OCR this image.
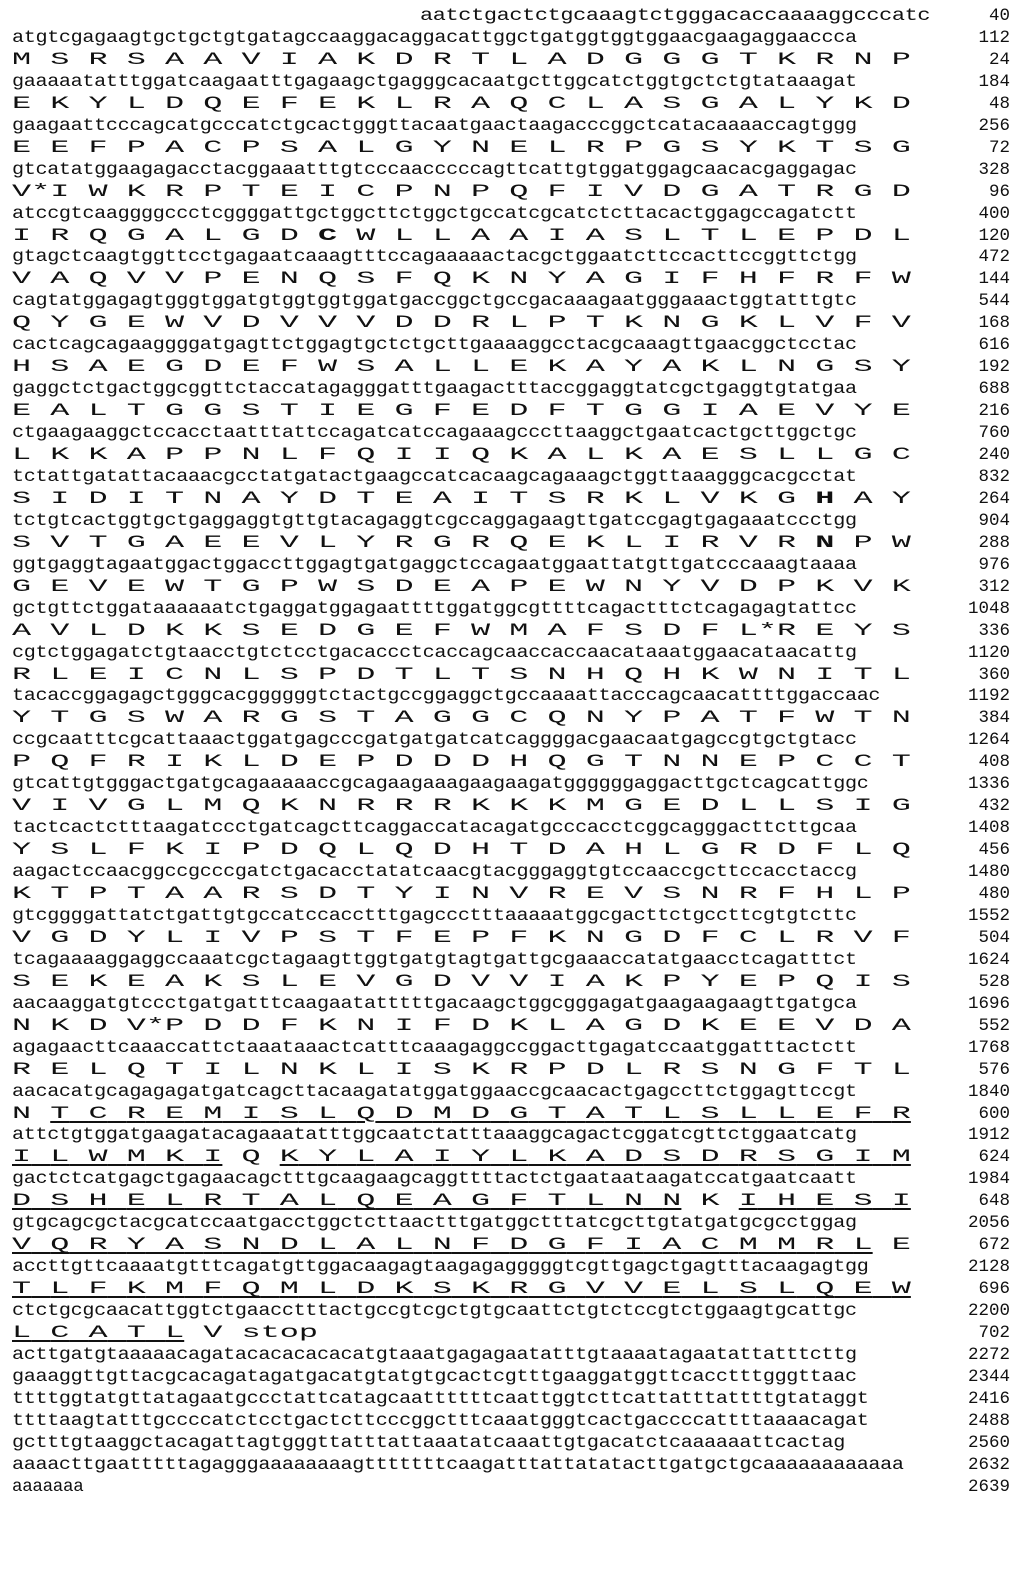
aatctgactctgcaaagtctgggacaccaaaaggcccatc	40
atgtcgagaagtgctgctgtgatagccaaggacaggacattggctgatggtggtggaacgaagaggaaccca	112
M S R S A A V I A K D R T L A D G G G T K R N P	24
gaaaaatatttggatcaagaatttgagaagctgagggcacaatgcttggcatctggtgctctgtataaagat	184
E K Y L D Q E F E K L R A Q C L A S G A L Y K D	48
gaagaattcccagcatgcccatctgcactgggttacaatgaactaagacccggctcatacaaaaccagtggg	256
E E F P A C P S A L G Y N E L R P G S Y K T S G	72
gtcatatggaagagacctacggaaatttgtcccaacccccagttcattgtggatggagcaacacgaggagac	328
V*I W K R P T E I C P N P Q F I V D G A T R G D	96
atccgtcaaggggccctcggggattgctggcttctggctgccatcgcatctcttacactggagccagatctt	400
I R Q G A L G D C W L L A A I A S L T L E P D L	120
gtagctcaagtggttcctgagaatcaaagtttccagaaaaactacgctggaatcttccacttccggttctgg	472
V A Q V V P E N Q S F Q K N Y A G I F H F R F W	144
cagtatggagagtgggtggatgtggtggtggatgaccggctgccgacaaagaatgggaaactggtatttgtc	544
Q Y G E W V D V V V D D R L P T K N G K L V F V	168
cactcagcagaaggggatgagttctggagtgctctgcttgaaaaggcctacgcaaagttgaacggctcctac	616
H S A E G D E F W S A L L E K A Y A K L N G S Y	192
gaggctctgactggcggttctaccatagagggatttgaagactttaccggaggtatcgctgaggtgtatgaa	688
E A L T G G S T I E G F E D F T G G I A E V Y E	216
ctgaagaaggctccacctaatttattccagatcatccagaaagcccttaaggctgaatcactgcttggctgc	760
L K K A P P N L F Q I I Q K A L K A E S L L G C	240
tctattgatattacaaacgcctatgatactgaagccatcacaagcagaaagctggttaaagggcacgcctat	832
S I D I T N A Y D T E A I T S R K L V K G H A Y	264
tctgtcactggtgctgaggaggtgttgtacagaggtcgccaggagaagttgatccgagtgagaaatccctgg	904
S V T G A E E V L Y R G R Q E K L I R V R N P W	288
ggtgaggtagaatggactggaccttggagtgatgaggctccagaatggaattatgttgatcccaaagtaaaa	976
G E V E W T G P W S D E A P E W N Y V D P K V K	312
gctgttctggataaaaaatctgaggatggagaattttggatggcgttttcagactttctcagagagtattcc	1048
A V L D K K S E D G E F W M A F S D F L*R E Y S	336
cgtctggagatctgtaacctgtctcctgacaccctcaccagcaaccaccaacataaatggaacataacattg	1120
R L E I C N L S P D T L T S N H Q H K W N I T L	360
tacaccggagagctgggcacggggggtctactgccggaggctgccaaaattacccagcaacattttggaccaac	1192
Y T G S W A R G S T A G G C Q N Y P A T F W T N	384
ccgcaatttcgcattaaactggatgagcccgatgatgatcatcaggggacgaacaatgagccgtgctgtacc	1264
P Q F R I K L D E P D D D H Q G T N N E P C C T	408
gtcattgtgggactgatgcagaaaaaccgcagaagaaagaagaagatggggggaggacttgctcagcattggc	1336
V I V G L M Q K N R R R K K K M G E D L L S I G	432
tactcactctttaagatccctgatcagcttcaggaccatacagatgcccacctcggcagggacttcttgcaa	1408
Y S L F K I P D Q L Q D H T D A H L G R D F L Q	456
aagactccaacggccgcccgatctgacacctatatcaacgtacgggaggtgtccaaccgcttccacctaccg	1480
K T P T A A R S D T Y I N V R E V S N R F H L P	480
gtcggggattatctgattgtgccatccacctttgagccctttaaaaatggcgacttctgccttcgtgtcttc	1552
V G D Y L I V P S T F E P F K N G D F C L R V F	504
tcagaaaaggaggccaaatcgctagaagttggtgatgtagtgattgcgaaaccatatgaacctcagatttct	1624
S E K E A K S L E V G D V V I A K P Y E P Q I S	528
aacaaggatgtccctgatgatttcaagaatatttttgacaagctggcgggagatgaagaagaagttgatgca	1696
N K D V*P D D F K N I F D K L A G D K E E V D A	552
agagaacttcaaaccattctaaataaactcatttcaaagaggccggacttgagatccaatggatttactctt	1768
R E L Q T I L N K L I S K R P D L R S N G F T L	576
aacacatgcagagagatgatcagcttacaagatatggatggaaccgcaacactgagccttctggagttccgt	1840
N T C R E M I S L Q D M D G T A T L S L L E F R	600
attctgtggatgaagatacagaaatatttggcaatctatttaaaggcagactcggatcgttctggaatcatg	1912
I L W M K I Q K Y L A I Y L K A D S D R S G I M	624
gactctcatgagctgagaacagctttgcaagaagcaggttttactctgaataataagatccatgaatcaatt	1984
D S H E L R T A L Q E A G F T L N N K I H E S I	648
gtgcagcgctacgcatccaatgacctggctcttaactttgatggctttatcgcttgtatgatgcgcctggag	2056
V Q R Y A S N D L A L N F D G F I A C M M R L E	672
accttgttcaaaatgtttcagatgttggacaagagtaagagagggggtcgttgagctgagtttacaagagtgg	2128
T L F K M F Q M L D K S K R G V V E L S L Q E W	696
ctctgcgcaacattggtctgaacctttactgccgtcgctgtgcaattctgtctccgtctggaagtgcattgc	2200
L C A T L V stop	702
acttgatgtaaaaacagatacacacacacatgtaaatgagagaatatttgtaaaatagaatattatttcttg	2272
gaaaggttgttacgcacagatagatgacatgtatgtgcactcgtttgaaggatggttcacctttgggttaac	2344
ttttggtatgttatagaatgccctattcatagcaattttttcaattggtcttcattatttattttgtataggt	2416
ttttaagtatttgccccatctcctgactcttcccggctttcaaatgggtcactgaccccattttaaaacagat	2488
gctttgtaaggctacagattagtgggttatttattaaatatcaaattgtgacatctcaaaaaattcactag	2560
aaaacttgaatttttagagggaaaaaaaagtttttttcaagatttattatatacttgatgctgcaaaaaaaaaaaa	2632
aaaaaaa	2639
